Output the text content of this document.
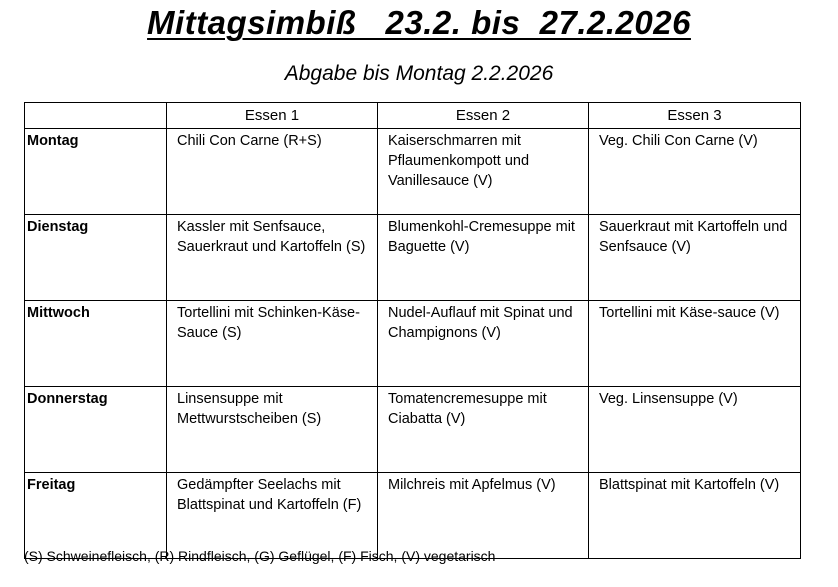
Mittagsimbiß   23.2. bis  27.2.2026
Abgabe bis Montag 2.2.2026
	Essen 1	Essen 2	Essen 3
Montag	Chili Con Carne (R+S)	Kaiserschmarren mit Pflaumenkompott und Vanillesauce (V)	Veg. Chili Con Carne (V)
Dienstag	Kassler mit Senfsauce, Sauerkraut und Kartoffeln (S)	Blumenkohl-Cremesuppe mit Baguette (V)	Sauerkraut mit Kartoffeln und Senfsauce (V)
Mittwoch	Tortellini mit Schinken-Käse-Sauce (S)	Nudel-Auflauf mit Spinat und Champignons (V)	Tortellini mit Käse-sauce (V)
Donnerstag	Linsensuppe mit Mettwurstscheiben (S)	Tomatencremesuppe mit Ciabatta (V)	Veg. Linsensuppe (V)
Freitag	Gedämpfter Seelachs mit Blattspinat und Kartoffeln (F)	Milchreis mit Apfelmus (V)	Blattspinat mit Kartoffeln (V)
(S) Schweinefleisch, (R) Rindfleisch, (G) Geflügel, (F) Fisch, (V) vegetarisch
